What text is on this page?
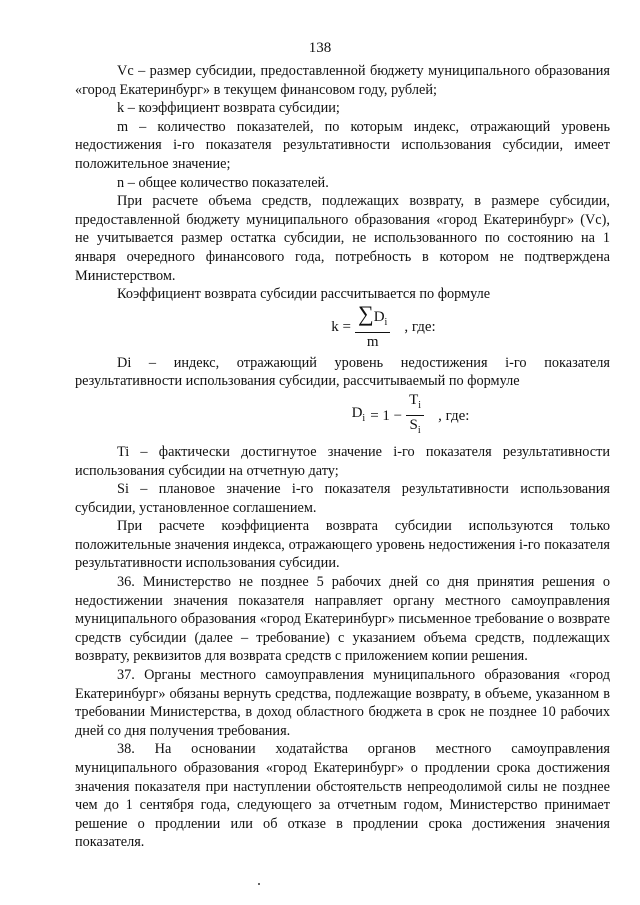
138

Vс – размер субсидии, предоставленной бюджету муниципального образования «город Екатеринбург» в текущем финансовом году, рублей;

k – коэффициент возврата субсидии;

m – количество показателей, по которым индекс, отражающий уровень недостижения i-го показателя результативности использования субсидии, имеет положительное значение;

n – общее количество показателей.

При расчете объема средств, подлежащих возврату, в размере субсидии, предоставленной бюджету муниципального образования «город Екатеринбург» (Vс), не учитывается размер остатка субсидии, не использованного по состоянию на 1 января очередного финансового года, потребность в котором не подтверждена Министерством.

Коэффициент возврата субсидии рассчитывается по формуле

$k = \frac{\sum D_i}{m}$ , где:

Di – индекс, отражающий уровень недостижения i-го показателя результативности использования субсидии, рассчитываемый по формуле

$D_i = 1 - \frac{T_i}{S_i}$ , где:

Ti – фактически достигнутое значение i-го показателя результативности использования субсидии на отчетную дату;

Si – плановое значение i-го показателя результативности использования субсидии, установленное соглашением.

При расчете коэффициента возврата субсидии используются только положительные значения индекса, отражающего уровень недостижения i-го показателя результативности использования субсидии.

36. Министерство не позднее 5 рабочих дней со дня принятия решения о недостижении значения показателя направляет органу местного самоуправления муниципального образования «город Екатеринбург» письменное требование о возврате средств субсидии (далее – требование) с указанием объема средств, подлежащих возврату, реквизитов для возврата средств с приложением копии решения.

37. Органы местного самоуправления муниципального образования «город Екатеринбург» обязаны вернуть средства, подлежащие возврату, в объеме, указанном в требовании Министерства, в доход областного бюджета в срок не позднее 10 рабочих дней со дня получения требования.

38. На основании ходатайства органов местного самоуправления муниципального образования «город Екатеринбург» о продлении срока достижения значения показателя при наступлении обстоятельств непреодолимой силы не позднее чем до 1 сентября года, следующего за отчетным годом, Министерство принимает решение о продлении или об отказе в продлении срока достижения значения показателя.
